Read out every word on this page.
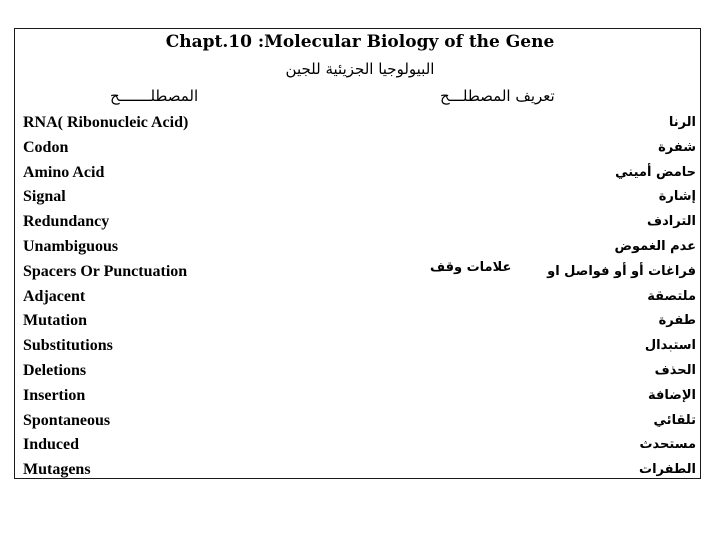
Chapt.10 :Molecular Biology of the Gene
البيولوجيا الجزيئية للجين
المصطلـــــــح	تعريف المصطلـــح
RNA( Ribonucleic Acid)
Codon
Amino Acid
Signal
Redundancy
Unambiguous
Spacers Or Punctuation
Adjacent
Mutation
Substitutions
Deletions
Insertion
Spontaneous
Induced
Mutagens
الرنا
شفرة
حامض أميني
إشارة
الترادف
عدم الغموض
فراغات أو أو فواصل او
ملتصقة
طفرة
استبدال
الحذف
الإضافة
تلقائي
مستحدث
الطفرات
علامات وقف
